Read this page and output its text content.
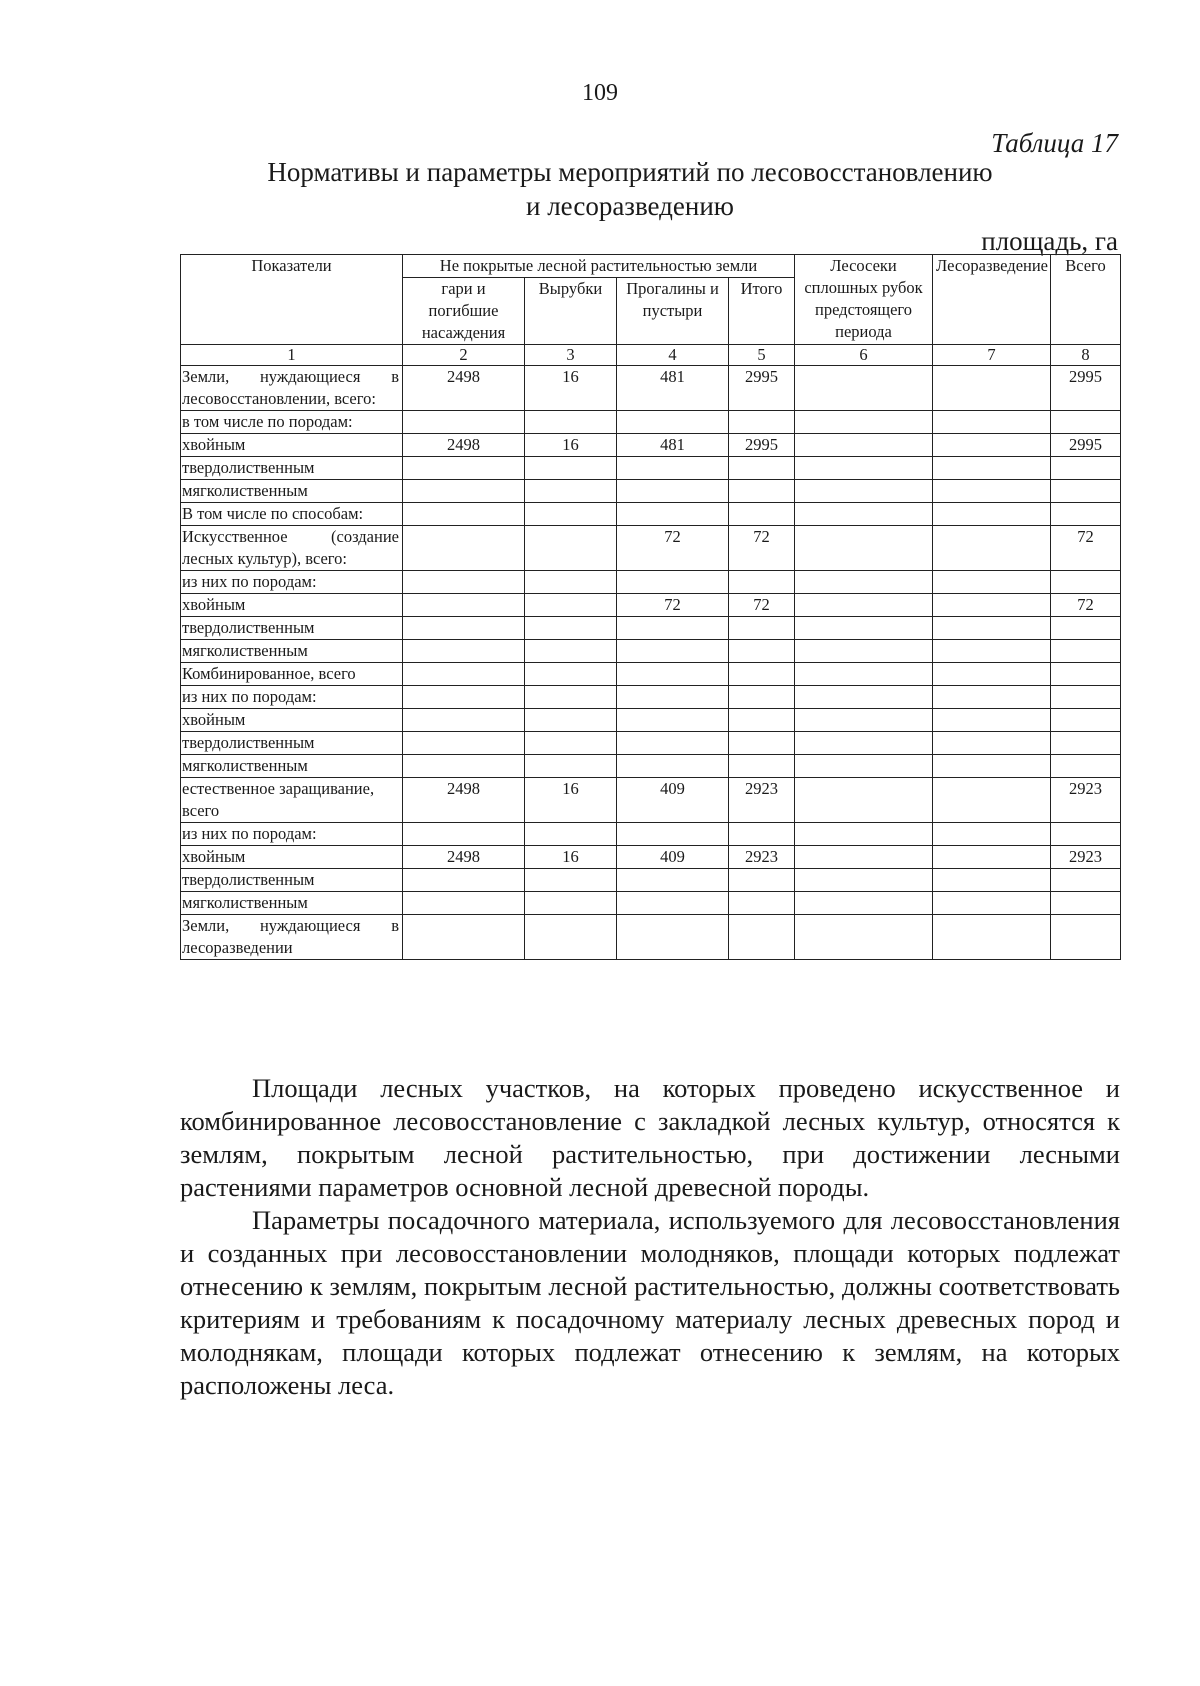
109
Таблица 17
Нормативы и параметры мероприятий по лесовосстановлению
и лесоразведению
площадь, га
Показатели	Не покрытые лесной растительностью земли				Лесосеки сплошных рубок предстоящего периода	Лесоразведение	Всего
	гари и погибшие насаждения	Вырубки	Прогалины и пустыри	Итого			
1	2	3	4	5	6	7	8
Земли, нуждающиеся в лесовосстановлении, всего:	2498	16	481	2995			2995
в том числе по породам:							
хвойным	2498	16	481	2995			2995
твердолиственным							
мягколиственным							
В том числе по способам:							
Искусственное (создание лесных культур), всего:			72	72			72
из них по породам:							
хвойным			72	72			72
твердолиственным							
мягколиственным							
Комбинированное, всего							
из них по породам:							
хвойным							
твердолиственным							
мягколиственным							
естественное заращивание, всего	2498	16	409	2923			2923
из них по породам:							
хвойным	2498	16	409	2923			2923
твердолиственным							
мягколиственным							
Земли, нуждающиеся в лесоразведении							

Площади лесных участков, на которых проведено искусственное и комбинированное лесовосстановление с закладкой лесных культур, относятся к землям, покрытым лесной растительностью, при достижении лесными растениями параметров основной лесной древесной породы.

Параметры посадочного материала, используемого для лесовосстановления и созданных при лесовосстановлении молодняков, площади которых подлежат отнесению к землям, покрытым лесной растительностью, должны соответствовать критериям и требованиям к посадочному материалу лесных древесных пород и молоднякам, площади которых подлежат отнесению к землям, на которых расположены леса.
